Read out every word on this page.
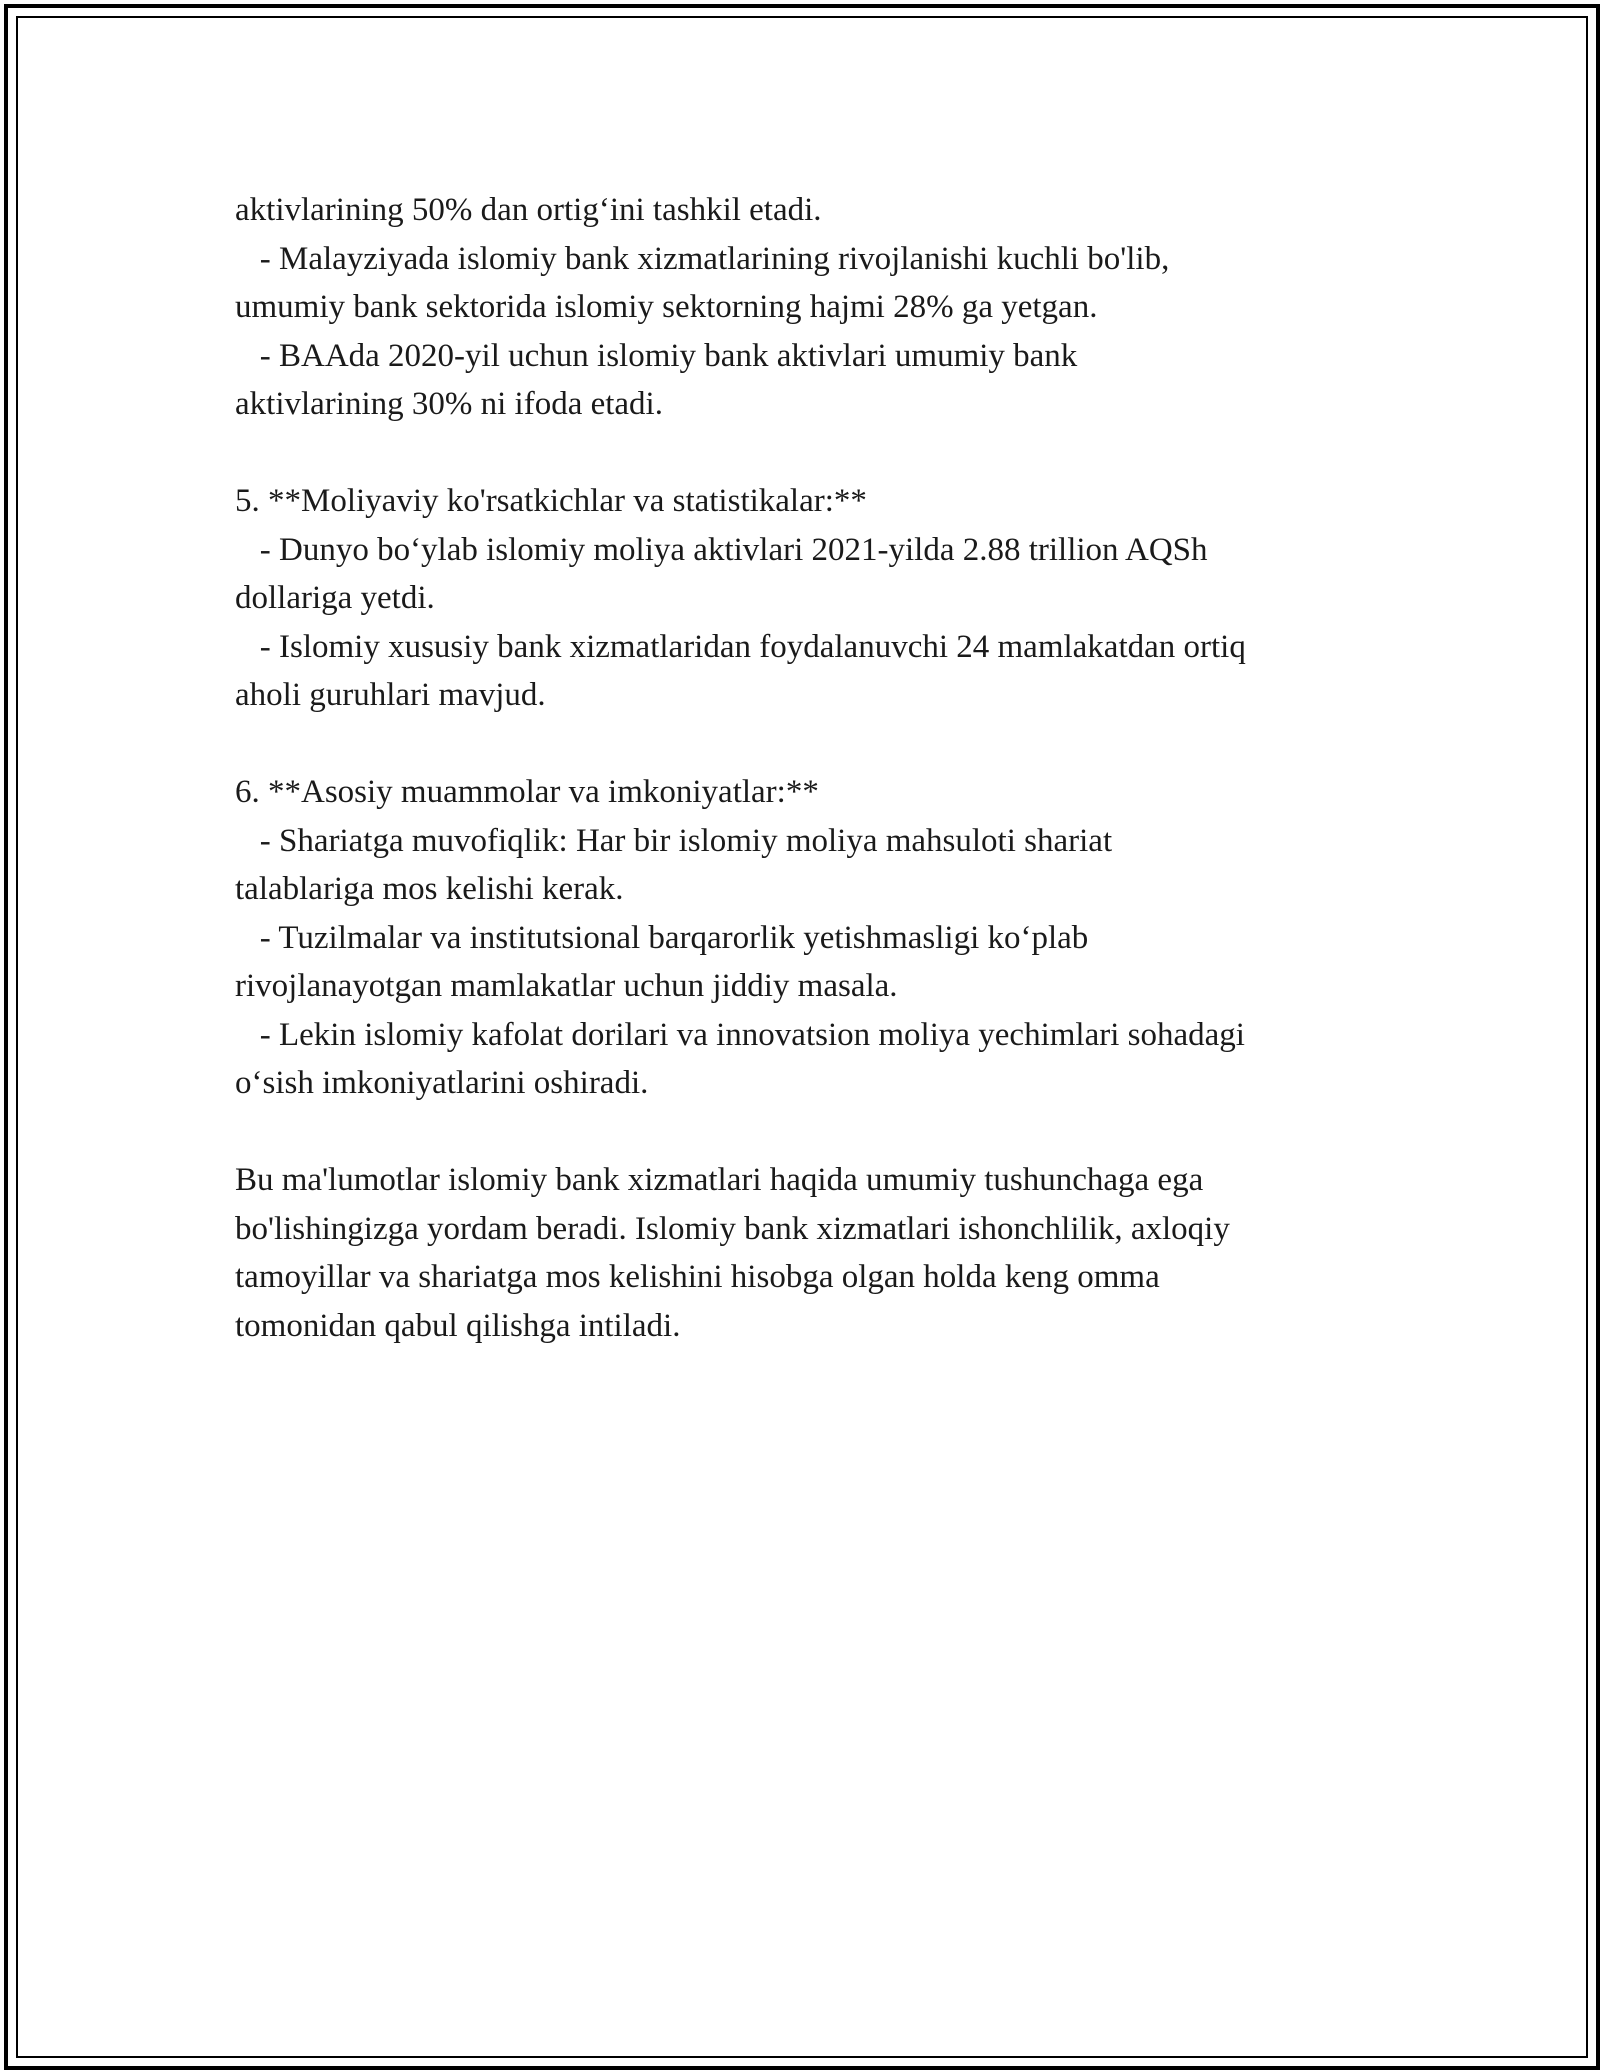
aktivlarining 50% dan ortig‘ini tashkil etadi.
- Malayziyada islomiy bank xizmatlarining rivojlanishi kuchli bo'lib,
umumiy bank sektorida islomiy sektorning hajmi 28% ga yetgan.
- BAAda 2020-yil uchun islomiy bank aktivlari umumiy bank
aktivlarining 30% ni ifoda etadi.
5. **Moliyaviy ko'rsatkichlar va statistikalar:**
- Dunyo bo‘ylab islomiy moliya aktivlari 2021-yilda 2.88 trillion AQSh
dollariga yetdi.
- Islomiy xususiy bank xizmatlaridan foydalanuvchi 24 mamlakatdan ortiq
aholi guruhlari mavjud.
6. **Asosiy muammolar va imkoniyatlar:**
- Shariatga muvofiqlik: Har bir islomiy moliya mahsuloti shariat
talablariga mos kelishi kerak.
- Tuzilmalar va institutsional barqarorlik yetishmasligi ko‘plab
rivojlanayotgan mamlakatlar uchun jiddiy masala.
- Lekin islomiy kafolat dorilari va innovatsion moliya yechimlari sohadagi
o‘sish imkoniyatlarini oshiradi.
Bu ma'lumotlar islomiy bank xizmatlari haqida umumiy tushunchaga ega
bo'lishingizga yordam beradi. Islomiy bank xizmatlari ishonchlilik, axloqiy
tamoyillar va shariatga mos kelishini hisobga olgan holda keng omma
tomonidan qabul qilishga intiladi.
